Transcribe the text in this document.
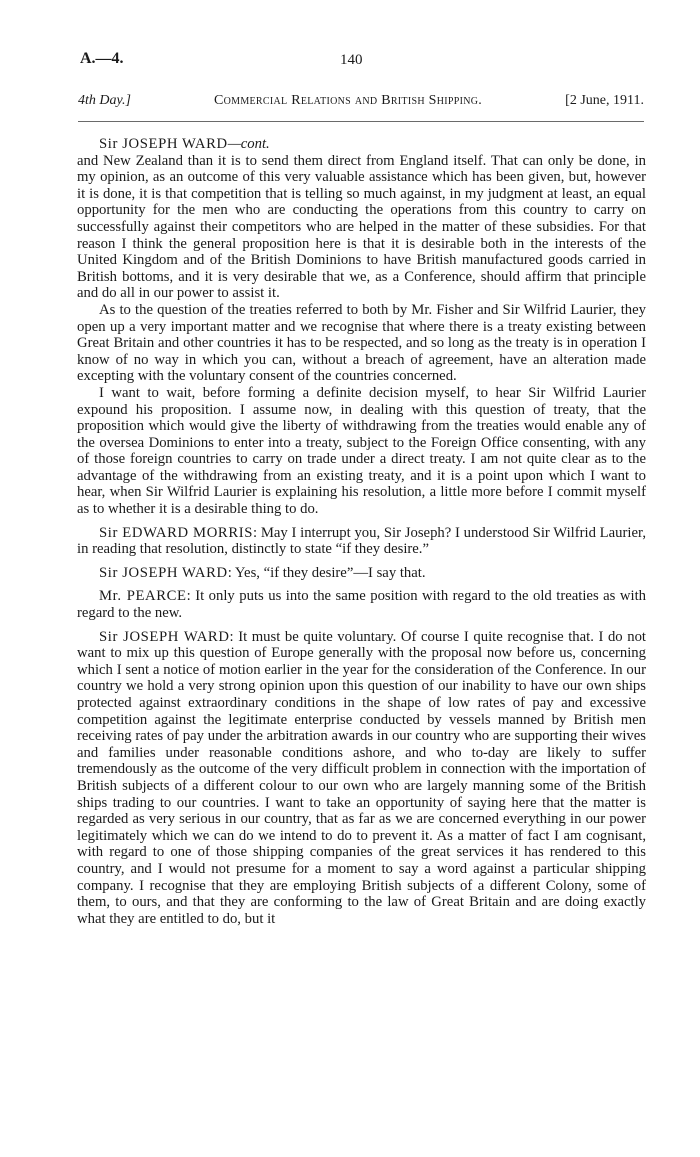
A.—4.	140
4th Day.]	Commercial Relations and British Shipping.	[2 June, 1911.

Sir JOSEPH WARD—cont.

and New Zealand than it is to send them direct from England itself. That can only be done, in my opinion, as an outcome of this very valuable assistance which has been given, but, however it is done, it is that competition that is telling so much against, in my judgment at least, an equal opportunity for the men who are conducting the operations from this country to carry on successfully against their competitors who are helped in the matter of these subsidies. For that reason I think the general proposition here is that it is desirable both in the interests of the United Kingdom and of the British Dominions to have British manufactured goods carried in British bottoms, and it is very desirable that we, as a Conference, should affirm that principle and do all in our power to assist it.

As to the question of the treaties referred to both by Mr. Fisher and Sir Wilfrid Laurier, they open up a very important matter and we recognise that where there is a treaty existing between Great Britain and other countries it has to be respected, and so long as the treaty is in operation I know of no way in which you can, without a breach of agreement, have an alteration made excepting with the voluntary consent of the countries concerned.

I want to wait, before forming a definite decision myself, to hear Sir Wilfrid Laurier expound his proposition. I assume now, in dealing with this question of treaty, that the proposition which would give the liberty of withdrawing from the treaties would enable any of the oversea Dominions to enter into a treaty, subject to the Foreign Office consenting, with any of those foreign countries to carry on trade under a direct treaty. I am not quite clear as to the advantage of the withdrawing from an existing treaty, and it is a point upon which I want to hear, when Sir Wilfrid Laurier is explaining his resolution, a little more before I commit myself as to whether it is a desirable thing to do.

Sir EDWARD MORRIS: May I interrupt you, Sir Joseph? I understood Sir Wilfrid Laurier, in reading that resolution, distinctly to state “if they desire.”

Sir JOSEPH WARD: Yes, “if they desire”—I say that.

Mr. PEARCE: It only puts us into the same position with regard to the old treaties as with regard to the new.

Sir JOSEPH WARD: It must be quite voluntary. Of course I quite recognise that. I do not want to mix up this question of Europe generally with the proposal now before us, concerning which I sent a notice of motion earlier in the year for the consideration of the Conference. In our country we hold a very strong opinion upon this question of our inability to have our own ships protected against extraordinary conditions in the shape of low rates of pay and excessive competition against the legitimate enterprise conducted by vessels manned by British men receiving rates of pay under the arbitration awards in our country who are supporting their wives and families under reasonable conditions ashore, and who to-day are likely to suffer tremendously as the outcome of the very difficult problem in connection with the importation of British subjects of a different colour to our own who are largely manning some of the British ships trading to our countries. I want to take an opportunity of saying here that the matter is regarded as very serious in our country, that as far as we are concerned everything in our power legitimately which we can do we intend to do to prevent it. As a matter of fact I am cognisant, with regard to one of those shipping companies of the great services it has rendered to this country, and I would not presume for a moment to say a word against a particular shipping company. I recognise that they are employing British subjects of a different Colony, some of them, to ours, and that they are conforming to the law of Great Britain and are doing exactly what they are entitled to do, but it
